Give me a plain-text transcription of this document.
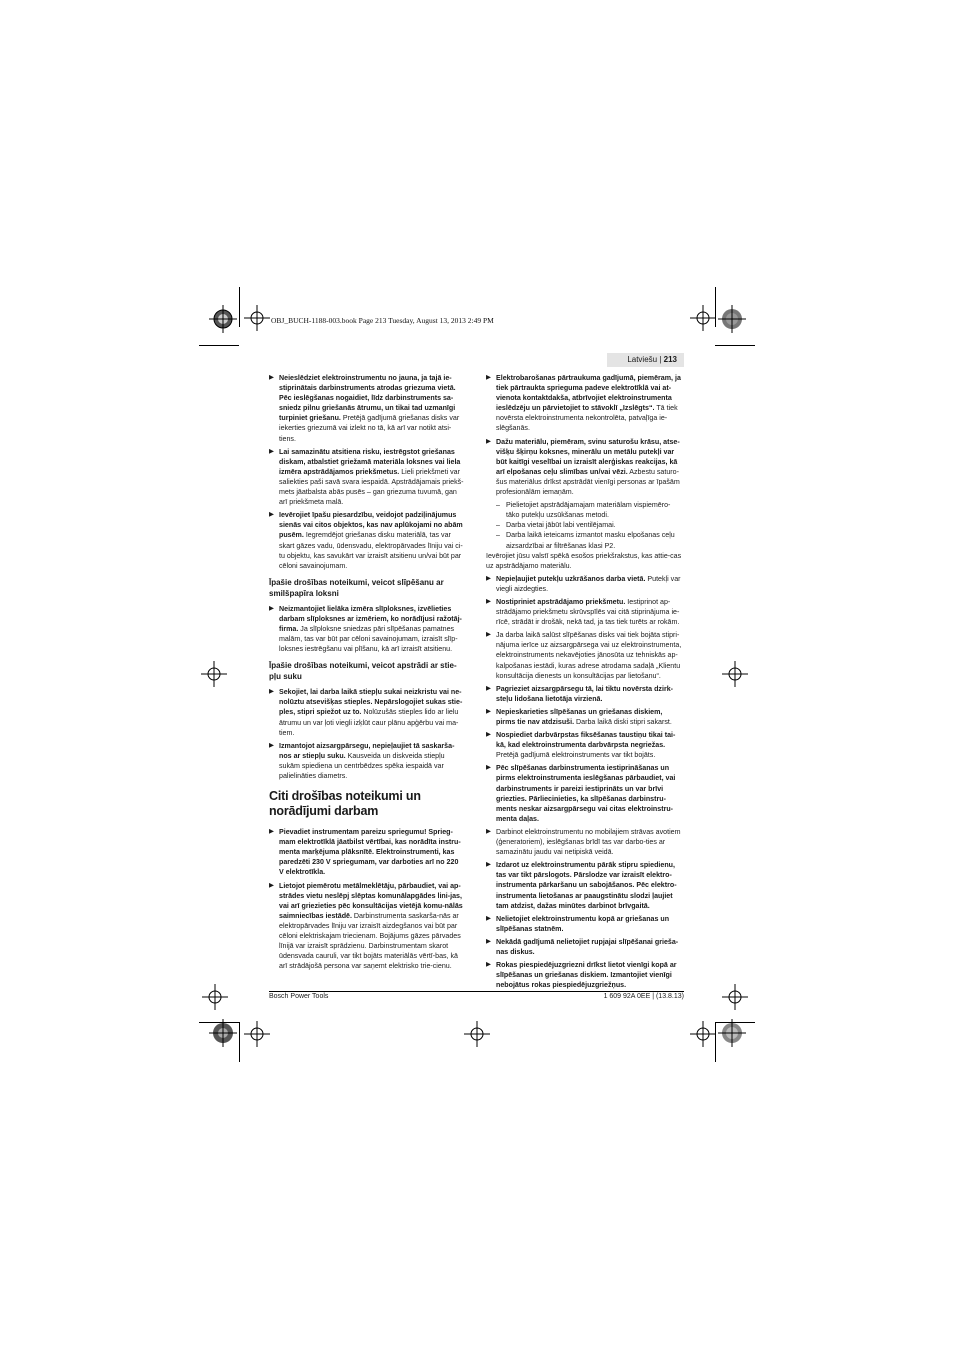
OBJ_BUCH-1188-003.book Page 213 Tuesday, August 13, 2013 2:49 PM
Latviešu | 213
▶ Neieslēdziet elektroinstrumentu no jauna, ja tajā ie-stiprinātais darbinstruments atrodas griezuma vietā. Pēc ieslēgšanas nogaidiet, līdz darbinstruments sa-sniedz pilnu griešanās ātrumu, un tikai tad uzmanīgi turpiniet griešanu. Pretējā gadījumā griešanas disks var iekerties griezumā vai izlekt no tā, kā arī var notikt atsi-tiens.
▶ Lai samazinātu atsitiena risku, iestrēgstot griešanas diskam, atbalstiet griežamā materiāla loksnes vai liela izmēra apstrādājamos priekšmetus. Lieli priekšmeti var saliekties paši savā svara iespaidā. Apstrādājamais priekš-mets jāatbalsta abās pusēs – gan griezuma tuvumā, gan arī priekšmeta malā.
▶ Ievērojiet īpašu piesardzību, veidojot padziļinājumus sienās vai citos objektos, kas nav aplūkojami no abām pusēm. Iegremdējot griešanas disku materiālā, tas var skart gāzes vadu, ūdensvadu, elektropārvades līniju vai ci-tu objektu, kas savukārt var izraisīt atsitienu un/vai būt par cēloni savainojumam.
Īpašie drošības noteikumi, veicot slīpēšanu ar smilšpapīra loksni
▶ Neizmantojiet lielāka izmēra slīploksnes, izvēlieties darbam slīploksnes ar izmēriem, ko norādījusi ražotāj-firma. Ja slīploksne sniedzas pāri slīpēšanas pamatnes malām, tas var būt par cēloni savainojumam, izraisīt slīp-loksnes iestrēgšanu vai plīšanu, kā arī izraisīt atsitienu.
Īpašie drošības noteikumi, veicot apstrādi ar stie-pļu suku
▶ Sekojiet, lai darba laikā stiepļu sukai neizkristu vai ne-nolūztu atsevišķas stieples. Nepārslogojiet sukas stie-ples, stipri spiežot uz to. Nolūzušās stieples lido ar lielu ātrumu un var ļoti viegli izķlūt caur plānu apģērbu vai ma-tiem.
▶ Izmantojot aizsargpārsegu, nepieļaujiet tā saskarša-nos ar stiepļu suku. Kausveida un diskveida stiepļu sukām spiediena un centrbēdzes spēka iespaidā var palielināties diametrs.
Citi drošības noteikumi un norādījumi darbam
▶ Pievadiet instrumentam pareizu spriegumu! Sprieg-mam elektrotīklā jāatbilst vērtībai, kas norādīta instru-menta marķējuma plāksnītē. Elektroinstrumenti, kas paredzēti 230 V spriegumam, var darboties arī no 220 V elektrotīkla.
▶ Lietojot piemērotu metālmeklētāju, pārbaudiet, vai ap-strādes vietu neslēpj slēptas komunālapgādes lini-jas, vai arī griezieties pēc konsultācijas vietējā komu-nālās saimniecības iestādē. Darbinstrumenta saskarša-nās ar elektropārvades līniju var izraisīt aizdegšanos vai būt par cēloni elektriskajam triecienam. Bojājums gāzes pārvades līnijā var izraisīt sprādzienu. Darbinstrumentam skarot ūdensvada cauruli, var tikt bojāts materiālās vērtī-bas, kā arī strādājošā persona var saņemt elektrisko trie-cienu.
▶ Elektrobarošanas pārtraukuma gadījumā, piemēram, ja tiek pārtraukta sprieguma padeve elektrotīklā vai at-vienota kontaktdakša, atbrīvojiet elektroinstrumenta ieslēdzēju un pārvietojiet to stāvoklī „Izslēgts“. Tā tiek novērsta elektroinstrumenta nekontrolēta, patvaļīga ie-slēgšanās.
▶ Dažu materiālu, piemēram, svinu saturošu krāsu, atse-višķu šķirņu koksnes, minerālu un metālu putekļi var būt kaitīgi veselībai un izraisīt alerģiskas reakcijas, kā arī elpošanas ceļu slimības un/vai vēzi. Azbestu saturo-šus materiālus drīkst apstrādāt vienīgi personas ar īpašām profesionālām iemaņām.
– Pielietojiet apstrādājamajam materiālam vispiemēro-tāko putekļu uzsūkšanas metodi.
– Darba vietai jābūt labi ventilējamai.
– Darba laikā ieteicams izmantot masku elpošanas ceļu aizsardzībai ar filtrēšanas klasi P2.
Ievērojiet jūsu valstī spēkā esošos priekšrakstus, kas attie-cas uz apstrādājamo materiālu.
▶ Nepieļaujiet putekļu uzkrāšanos darba vietā. Putekļi var viegli aizdegties.
▶ Nostipriniet apstrādājamo priekšmetu. Iestiprinot ap-strādājamo priekšmetu skrūvspīlēs vai citā stiprinājuma ie-rīcē, strādāt ir drošāk, nekā tad, ja tas tiek turēts ar rokām.
▶ Ja darba laikā salūst slīpēšanas disks vai tiek bojāta stipri-nājuma ierīce uz aizsargpārsega vai uz elektroinstrumenta, elektroinstruments nekavējoties jānosūta uz tehniskās ap-kalpošanas iestādi, kuras adrese atrodama sadaļā „Klientu konsultācija dienests un konsultācijas par lietošanu“.
▶ Pagrieziet aizsargpārsegu tā, lai tiktu novērsta dzirk-steļu lidošana lietotāja virzienā.
▶ Nepieskarieties slīpēšanas un griešanas diskiem, pirms tie nav atdzisuši. Darba laikā diski stipri sakarst.
▶ Nospiediet darbvārpstas fiksēšanas taustiņu tikai tai-kā, kad elektroinstrumenta darbvārpsta negriežas. Pretējā gadījumā elektroinstruments var tikt bojāts.
▶ Pēc slīpēšanas darbinstrumenta iestiprināšanas un pirms elektroinstrumenta ieslēgšanas pārbaudiet, vai darbinstruments ir pareizi iestiprināts un var brīvi griezties. Pārliecinieties, ka slīpēšanas darbinstru-ments neskar aizsargpārsegu vai citas elektroinstru-menta daļas.
▶ Darbinot elektroinstrumentu no mobilajiem strāvas avotiem (ģeneratoriem), ieslēgšanas brīdī tas var darbo-ties ar samazinātu jaudu vai netipiskā veidā.
▶ Izdarot uz elektroinstrumentu pārāk stipru spiedienu, tas var tikt pārslogots. Pārslodze var izraisīt elektro-instrumenta pārkaršanu un sabojāšanos. Pēc elektro-instrumenta lietošanas ar paaugstinātu slodzi ļaujiet tam atdzist, dažas minūtes darbinot brīvgaitā.
▶ Nelietojiet elektroinstrumentu kopā ar griešanas un slīpēšanas statnēm.
▶ Nekādā gadījumā nelietojiet rupjajai slīpēšanai grieša-nas diskus.
▶ Rokas piespiedējuzgriezni drīkst lietot vienīgi kopā ar slīpēšanas un griešanas diskiem. Izmantojiet vienīgi nebojātus rokas piespiedējuzgriežņus.
Bosch Power Tools	1 609 92A 0EE | (13.8.13)
